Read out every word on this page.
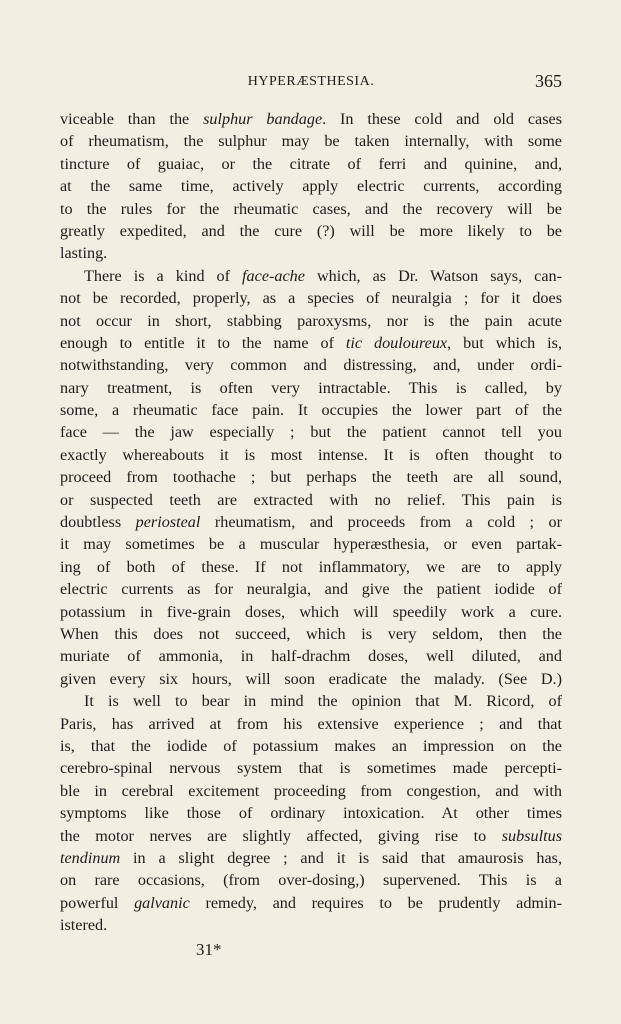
HYPERÆSTHESIA.	365
viceable than the sulphur bandage. In these cold and old cases
of rheumatism, the sulphur may be taken internally, with some
tincture of guaiac, or the citrate of ferri and quinine, and,
at the same time, actively apply electric currents, according
to the rules for the rheumatic cases, and the recovery will be
greatly expedited, and the cure (?) will be more likely to be
lasting.
There is a kind of face-ache which, as Dr. Watson says, can-
not be recorded, properly, as a species of neuralgia ; for it does
not occur in short, stabbing paroxysms, nor is the pain acute
enough to entitle it to the name of tic douloureux, but which is,
notwithstanding, very common and distressing, and, under ordi-
nary treatment, is often very intractable. This is called, by
some, a rheumatic face pain. It occupies the lower part of the
face — the jaw especially ; but the patient cannot tell you
exactly whereabouts it is most intense. It is often thought to
proceed from toothache ; but perhaps the teeth are all sound,
or suspected teeth are extracted with no relief. This pain is
doubtless periosteal rheumatism, and proceeds from a cold ; or
it may sometimes be a muscular hyperæsthesia, or even partak-
ing of both of these. If not inflammatory, we are to apply
electric currents as for neuralgia, and give the patient iodide of
potassium in five-grain doses, which will speedily work a cure.
When this does not succeed, which is very seldom, then the
muriate of ammonia, in half-drachm doses, well diluted, and
given every six hours, will soon eradicate the malady. (See D.)
It is well to bear in mind the opinion that M. Ricord, of
Paris, has arrived at from his extensive experience ; and that
is, that the iodide of potassium makes an impression on the
cerebro-spinal nervous system that is sometimes made percepti-
ble in cerebral excitement proceeding from congestion, and with
symptoms like those of ordinary intoxication. At other times
the motor nerves are slightly affected, giving rise to subsultus
tendinum in a slight degree ; and it is said that amaurosis has,
on rare occasions, (from over-dosing,) supervened. This is a
powerful galvanic remedy, and requires to be prudently admin-
istered.
31*
